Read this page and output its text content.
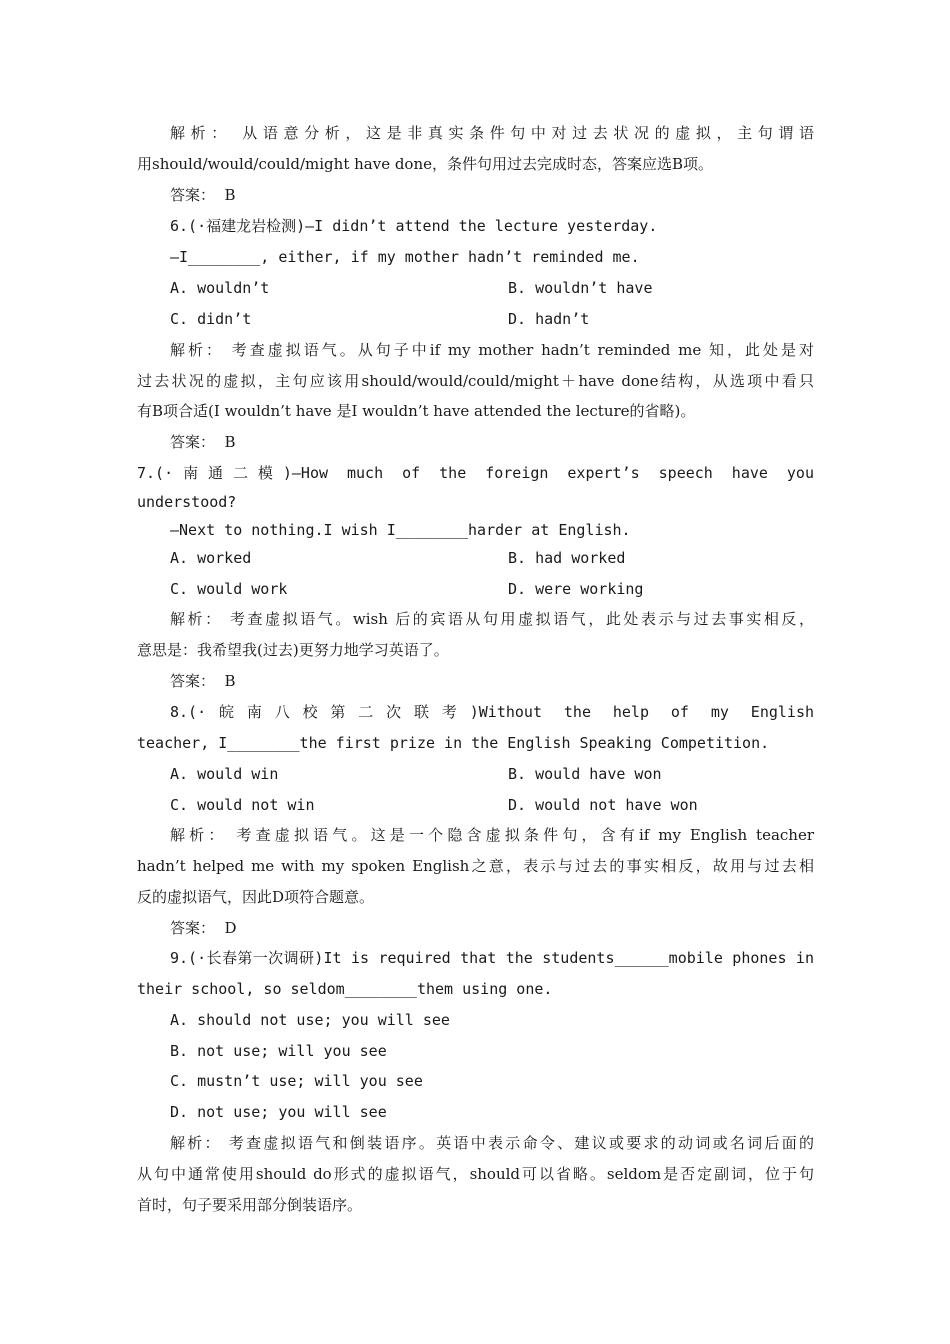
解析： 从语意分析，这是非真实条件句中对过去状况的虚拟，主句谓语
用should/would/could/might have done，条件句用过去完成时态，答案应选B项。
答案：  B
6.(·福建龙岩检测)—I didn’t attend the lecture yesterday.
—I________, either, if my mother hadn’t reminded me.
A. wouldn’t	B. wouldn’t have
C. didn’t	D. hadn’t
解析： 考查虚拟语气。从句子中if my mother hadn’t reminded me 知，此处是对
过去状况的虚拟，主句应该用should/would/could/might＋have done结构，从选项中看只
有B项合适(I wouldn’t have 是I wouldn’t have attended the lecture的省略)。
答案：  B
7.(·南通二模)—How much of the foreign expert’s speech have you
understood?
—Next to nothing.I wish I________harder at English.
A. worked	B. had worked
C. would work	D. were working
解析： 考查虚拟语气。wish 后的宾语从句用虚拟语气，此处表示与过去事实相反，
意思是：我希望我(过去)更努力地学习英语了。
答案：  B
8.(·皖南八校第二次联考)Without the help of my English
teacher, I________the first prize in the English Speaking Competition.
A. would win	B. would have won
C. would not win	D. would not have won
解析： 考查虚拟语气。这是一个隐含虚拟条件句，含有if my English teacher
hadn’t helped me with my spoken English之意，表示与过去的事实相反，故用与过去相
反的虚拟语气，因此D项符合题意。
答案：  D
9.(·长春第一次调研)It is required that the students______mobile phones in
their school, so seldom________them using one.
A. should not use; you will see
B. not use; will you see
C. mustn’t use; will you see
D. not use; you will see
解析： 考查虚拟语气和倒装语序。英语中表示命令、建议或要求的动词或名词后面的
从句中通常使用should do形式的虚拟语气，should可以省略。seldom是否定副词，位于句
首时，句子要采用部分倒装语序。
